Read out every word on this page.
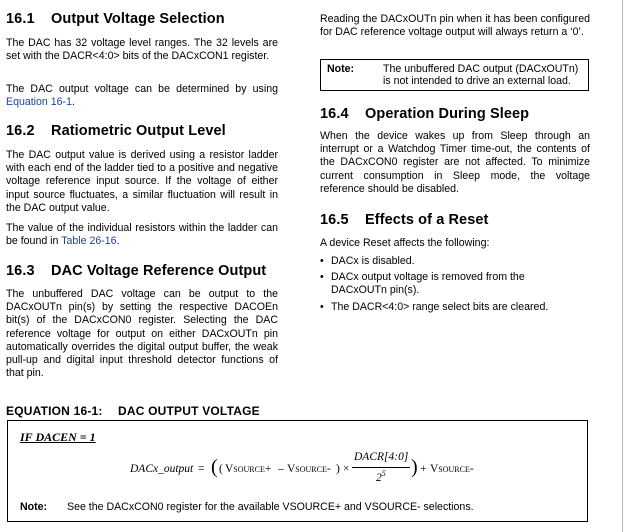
16.1 Output Voltage Selection

The DAC has 32 voltage level ranges. The 32 levels are set with the DACR<4:0> bits of the DACxCON1 register.

The DAC output voltage can be determined by using Equation 16-1.

16.2 Ratiometric Output Level

The DAC output value is derived using a resistor ladder with each end of the ladder tied to a positive and negative voltage reference input source. If the voltage of either input source fluctuates, a similar fluctuation will result in the DAC output value.

The value of the individual resistors within the ladder can be found in Table 26-16.

16.3 DAC Voltage Reference Output

The unbuffered DAC voltage can be output to the DACxOUTn pin(s) by setting the respective DACOEn bit(s) of the DACxCON0 register. Selecting the DAC reference voltage for output on either DACxOUTn pin automatically overrides the digital output buffer, the weak pull-up and digital input threshold detector functions of that pin.

Reading the DACxOUTn pin when it has been configured for DAC reference voltage output will always return a ‘0’.

Note:	The unbuffered DAC output (DACxOUTn) is not intended to drive an external load.
16.4 Operation During Sleep

When the device wakes up from Sleep through an interrupt or a Watchdog Timer time-out, the contents of the DACxCON0 register are not affected. To minimize current consumption in Sleep mode, the voltage reference should be disabled.

16.5 Effects of a Reset

A device Reset affects the following:

• DACx is disabled.
• DACx output voltage is removed from the DACxOUTn pin(s).
• The DACR<4:0> range select bits are cleared.
EQUATION 16-1: DAC OUTPUT VOLTAGE
IF DACEN = 1
DACx_output = ( ( Vsource+ – Vsource- ) ×
DACR[4:0]
$2^5$ ) + Vsource-
Note:	See the DACxCON0 register for the available VSOURCE+ and VSOURCE- selections.
